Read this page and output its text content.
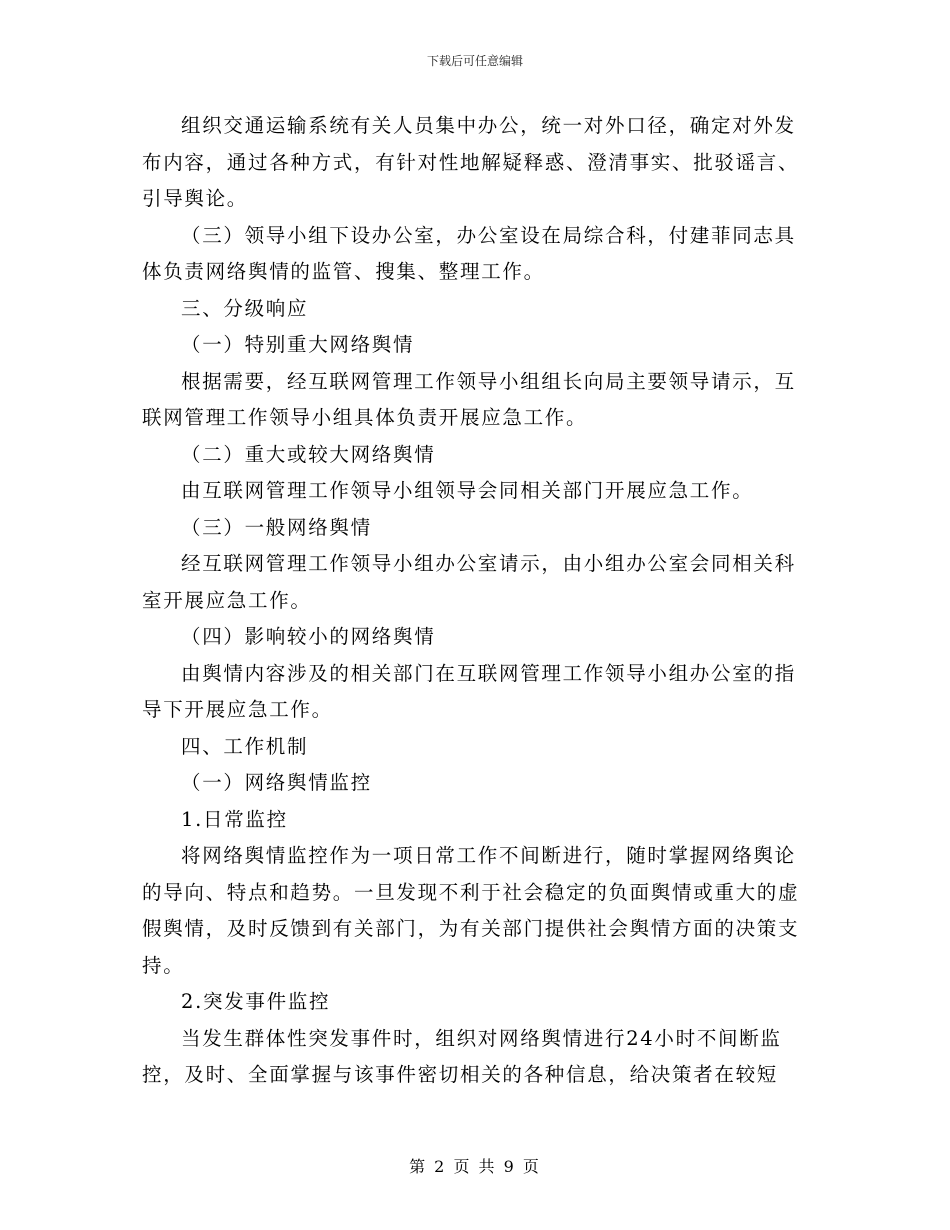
下载后可任意编辑

组织交通运输系统有关人员集中办公，统一对外口径，确定对外发布内容，通过各种方式，有针对性地解疑释惑、澄清事实、批驳谣言、引导舆论。

（三）领导小组下设办公室，办公室设在局综合科，付建菲同志具体负责网络舆情的监管、搜集、整理工作。

三、分级响应

（一）特别重大网络舆情

根据需要，经互联网管理工作领导小组组长向局主要领导请示，互联网管理工作领导小组具体负责开展应急工作。

（二）重大或较大网络舆情

由互联网管理工作领导小组领导会同相关部门开展应急工作。

（三）一般网络舆情

经互联网管理工作领导小组办公室请示，由小组办公室会同相关科室开展应急工作。

（四）影响较小的网络舆情

由舆情内容涉及的相关部门在互联网管理工作领导小组办公室的指导下开展应急工作。

四、工作机制

（一）网络舆情监控

1.日常监控

将网络舆情监控作为一项日常工作不间断进行，随时掌握网络舆论的导向、特点和趋势。一旦发现不利于社会稳定的负面舆情或重大的虚假舆情，及时反馈到有关部门，为有关部门提供社会舆情方面的决策支持。

2.突发事件监控

当发生群体性突发事件时，组织对网络舆情进行24小时不间断监控，及时、全面掌握与该事件密切相关的各种信息，给决策者在较短

第 2 页 共 9 页
